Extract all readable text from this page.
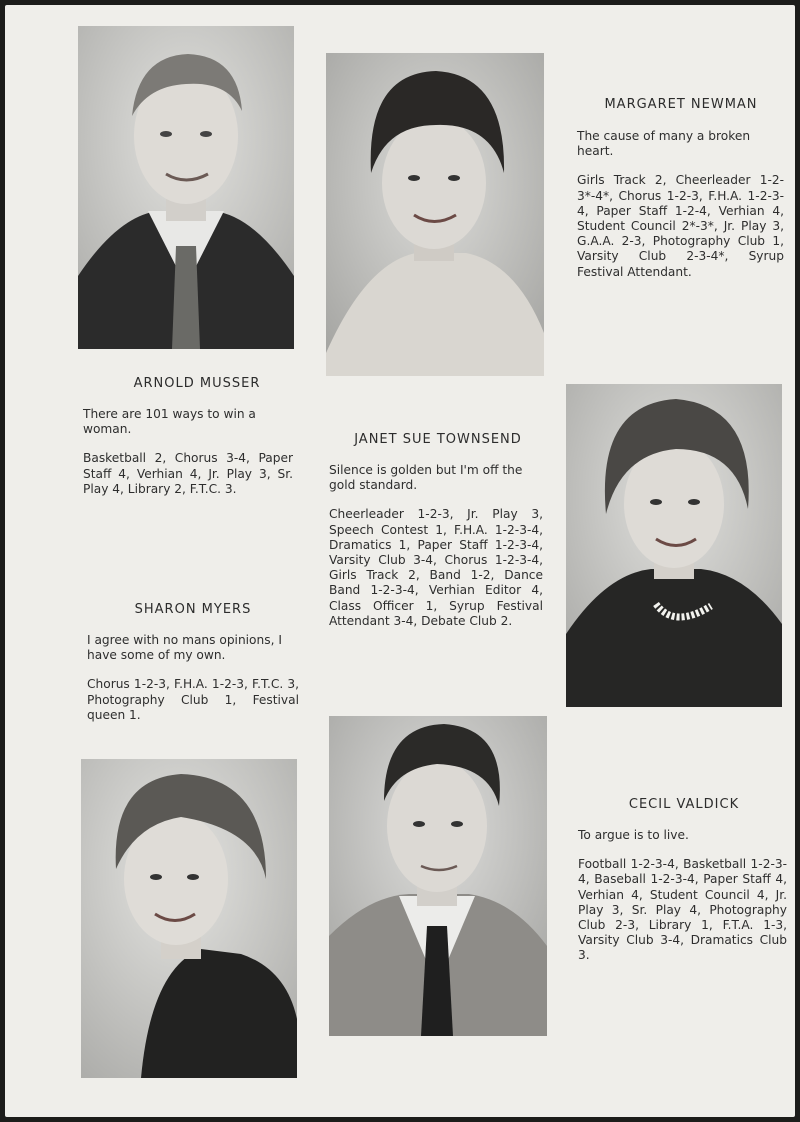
ARNOLD MUSSER

There are 101 ways to win a woman.

Basketball 2, Chorus 3-4, Paper Staff 4, Verhian 4, Jr. Play 3, Sr. Play 4, Library 2, F.T.C. 3.

MARGARET NEWMAN

The cause of many a broken heart.

Girls Track 2, Cheerleader 1-2-3*-4*, Chorus 1-2-3, F.H.A. 1-2-3-4, Paper Staff 1-2-4, Verhian 4, Student Council 2*-3*, Jr. Play 3, G.A.A. 2-3, Photography Club 1, Varsity Club 2-3-4*, Syrup Festival Attendant.

JANET SUE TOWNSEND

Silence is golden but I'm off the gold standard.

Cheerleader 1-2-3, Jr. Play 3, Speech Contest 1, F.H.A. 1-2-3-4, Dramatics 1, Paper Staff 1-2-3-4, Varsity Club 3-4, Chorus 1-2-3-4, Girls Track 2, Band 1-2, Dance Band 1-2-3-4, Verhian Editor 4, Class Officer 1, Syrup Festival Attendant 3-4, Debate Club 2.

SHARON MYERS

I agree with no mans opinions, I have some of my own.

Chorus 1-2-3, F.H.A. 1-2-3, F.T.C. 3, Photography Club 1, Festival queen 1.

CECIL VALDICK

To argue is to live.

Football 1-2-3-4, Basketball 1-2-3-4, Baseball 1-2-3-4, Paper Staff 4, Verhian 4, Student Council 4, Jr. Play 3, Sr. Play 4, Photography Club 2-3, Library 1, F.T.A. 1-3, Varsity Club 3-4, Dramatics Club 3.
